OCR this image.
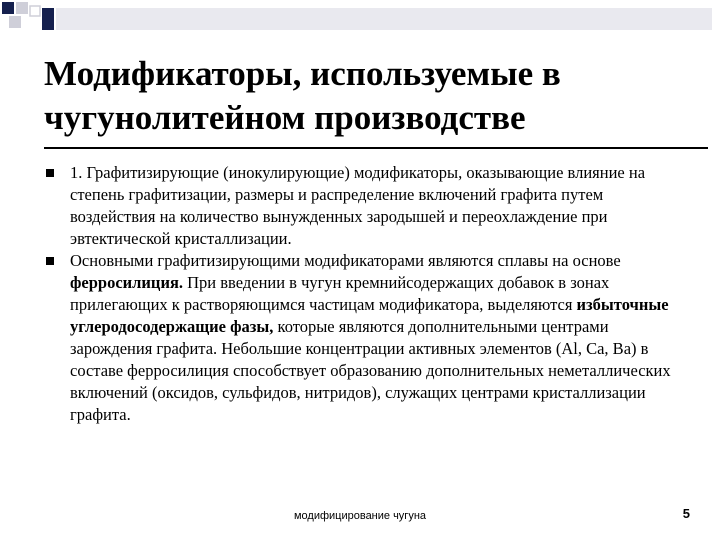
Модификаторы, используемые в чугунолитейном производстве
1. Графитизирующие (инокулирующие) модификаторы, оказывающие влияние на степень графитизации, размеры и распределение включений графита путем воздействия на количество вынужденных зародышей и переохлаждение при эвтектической кристаллизации.
Основными графитизирующими модификаторами являются сплавы на основе ферросилиция. При введении в чугун кремнийсодержащих добавок в зонах прилегающих к растворяющимся частицам модификатора, выделяются избыточные углеродосодержащие фазы, которые являются дополнительными центрами зарождения графита. Небольшие концентрации активных элементов (Al, Ca, Ba) в составе ферросилиция способствует образованию дополнительных неметаллических включений (оксидов, сульфидов, нитридов), служащих центрами кристаллизации графита.
модифицирование чугуна	5
